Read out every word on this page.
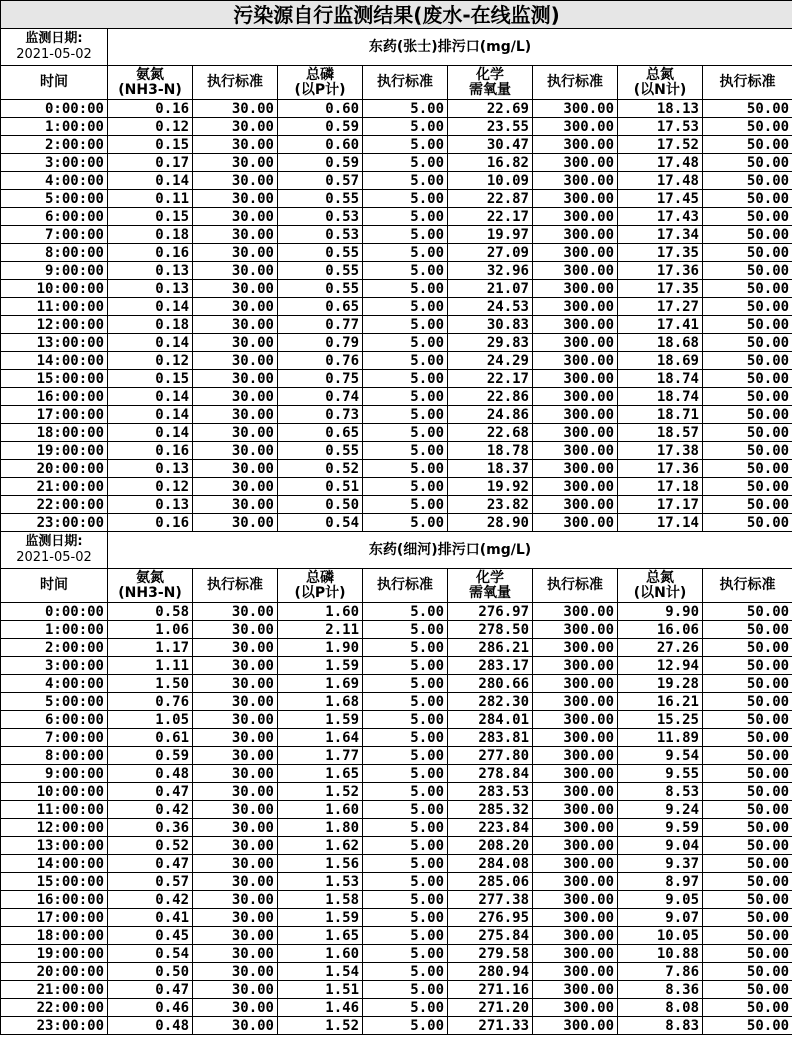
污染源自行监测结果(废水-在线监测)								

监测日期:
2021-05-02	东药(张士)排污口(mg/L)							

时间	氨氮
(NH3-N)	执行标准	总磷
(以P计)	执行标准	化学
需氧量	执行标准	总氮
(以N计)	执行标准

0:00:00	0.16	30.00	0.60	5.00	22.69	300.00	18.13	50.00
1:00:00	0.12	30.00	0.59	5.00	23.55	300.00	17.53	50.00
2:00:00	0.15	30.00	0.60	5.00	30.47	300.00	17.52	50.00
3:00:00	0.17	30.00	0.59	5.00	16.82	300.00	17.48	50.00
4:00:00	0.14	30.00	0.57	5.00	10.09	300.00	17.48	50.00
5:00:00	0.11	30.00	0.55	5.00	22.87	300.00	17.45	50.00
6:00:00	0.15	30.00	0.53	5.00	22.17	300.00	17.43	50.00
7:00:00	0.18	30.00	0.53	5.00	19.97	300.00	17.34	50.00
8:00:00	0.16	30.00	0.55	5.00	27.09	300.00	17.35	50.00
9:00:00	0.13	30.00	0.55	5.00	32.96	300.00	17.36	50.00
10:00:00	0.13	30.00	0.55	5.00	21.07	300.00	17.35	50.00
11:00:00	0.14	30.00	0.65	5.00	24.53	300.00	17.27	50.00
12:00:00	0.18	30.00	0.77	5.00	30.83	300.00	17.41	50.00
13:00:00	0.14	30.00	0.79	5.00	29.83	300.00	18.68	50.00
14:00:00	0.12	30.00	0.76	5.00	24.29	300.00	18.69	50.00
15:00:00	0.15	30.00	0.75	5.00	22.17	300.00	18.74	50.00
16:00:00	0.14	30.00	0.74	5.00	22.86	300.00	18.74	50.00
17:00:00	0.14	30.00	0.73	5.00	24.86	300.00	18.71	50.00
18:00:00	0.14	30.00	0.65	5.00	22.68	300.00	18.57	50.00
19:00:00	0.16	30.00	0.55	5.00	18.78	300.00	17.38	50.00
20:00:00	0.13	30.00	0.52	5.00	18.37	300.00	17.36	50.00
21:00:00	0.12	30.00	0.51	5.00	19.92	300.00	17.18	50.00
22:00:00	0.13	30.00	0.50	5.00	23.82	300.00	17.17	50.00
23:00:00	0.16	30.00	0.54	5.00	28.90	300.00	17.14	50.00

监测日期:
2021-05-02	东药(细河)排污口(mg/L)							

时间	氨氮
(NH3-N)	执行标准	总磷
(以P计)	执行标准	化学
需氧量	执行标准	总氮
(以N计)	执行标准

0:00:00	0.58	30.00	1.60	5.00	276.97	300.00	9.90	50.00
1:00:00	1.06	30.00	2.11	5.00	278.50	300.00	16.06	50.00
2:00:00	1.17	30.00	1.90	5.00	286.21	300.00	27.26	50.00
3:00:00	1.11	30.00	1.59	5.00	283.17	300.00	12.94	50.00
4:00:00	1.50	30.00	1.69	5.00	280.66	300.00	19.28	50.00
5:00:00	0.76	30.00	1.68	5.00	282.30	300.00	16.21	50.00
6:00:00	1.05	30.00	1.59	5.00	284.01	300.00	15.25	50.00
7:00:00	0.61	30.00	1.64	5.00	283.81	300.00	11.89	50.00
8:00:00	0.59	30.00	1.77	5.00	277.80	300.00	9.54	50.00
9:00:00	0.48	30.00	1.65	5.00	278.84	300.00	9.55	50.00
10:00:00	0.47	30.00	1.52	5.00	283.53	300.00	8.53	50.00
11:00:00	0.42	30.00	1.60	5.00	285.32	300.00	9.24	50.00
12:00:00	0.36	30.00	1.80	5.00	223.84	300.00	9.59	50.00
13:00:00	0.52	30.00	1.62	5.00	208.20	300.00	9.04	50.00
14:00:00	0.47	30.00	1.56	5.00	284.08	300.00	9.37	50.00
15:00:00	0.57	30.00	1.53	5.00	285.06	300.00	8.97	50.00
16:00:00	0.42	30.00	1.58	5.00	277.38	300.00	9.05	50.00
17:00:00	0.41	30.00	1.59	5.00	276.95	300.00	9.07	50.00
18:00:00	0.45	30.00	1.65	5.00	275.84	300.00	10.05	50.00
19:00:00	0.54	30.00	1.60	5.00	279.58	300.00	10.88	50.00
20:00:00	0.50	30.00	1.54	5.00	280.94	300.00	7.86	50.00
21:00:00	0.47	30.00	1.51	5.00	271.16	300.00	8.36	50.00
22:00:00	0.46	30.00	1.46	5.00	271.20	300.00	8.08	50.00
23:00:00	0.48	30.00	1.52	5.00	271.33	300.00	8.83	50.00
